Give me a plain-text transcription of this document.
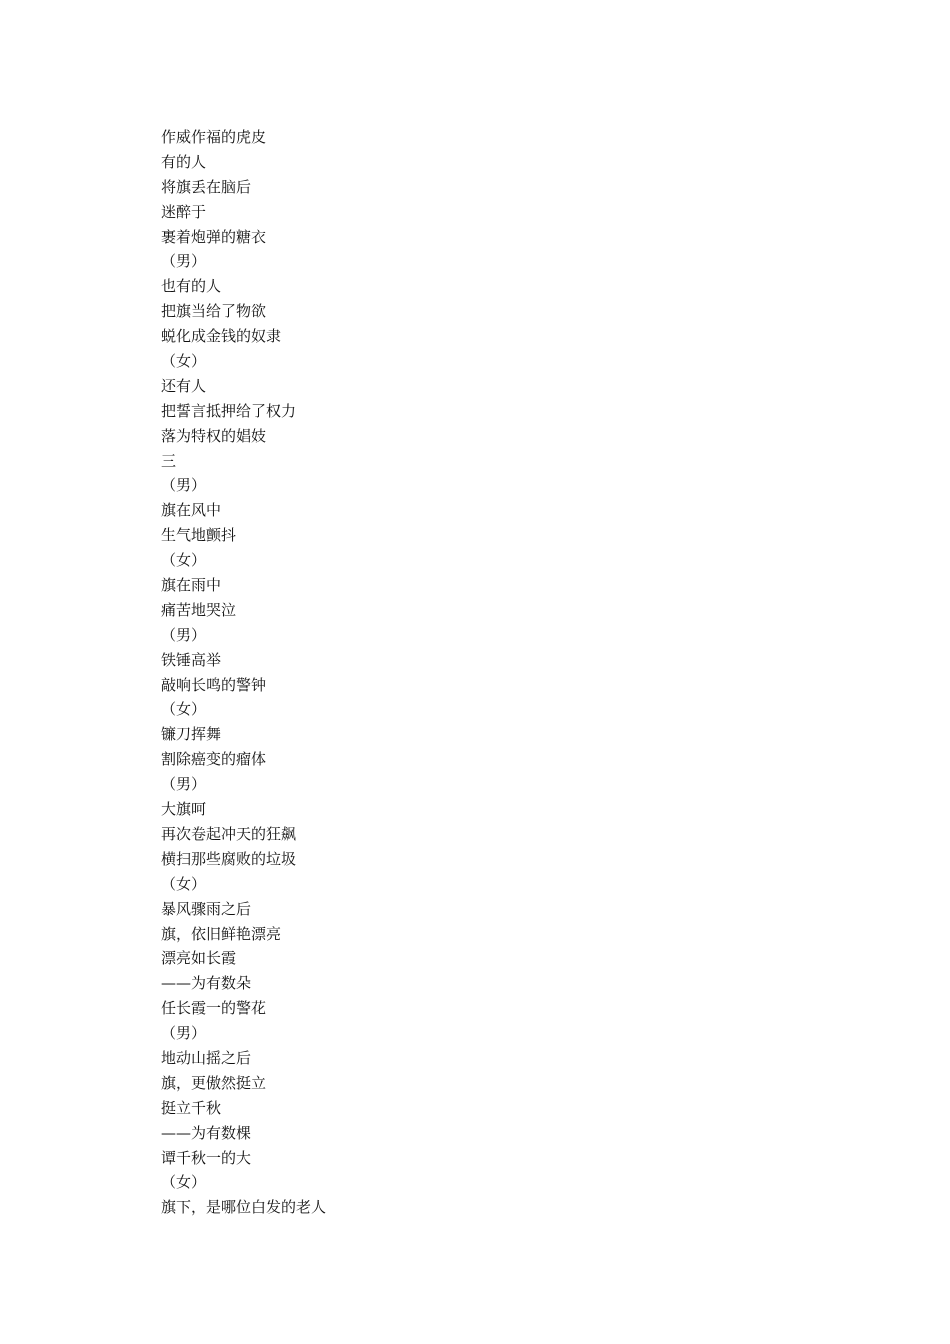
作威作福的虎皮
有的人
将旗丢在脑后
迷醉于
裹着炮弹的糖衣
（男）
也有的人
把旗当给了物欲
蜕化成金钱的奴隶
（女）
还有人
把誓言抵押给了权力
落为特权的娼妓
三
（男）
旗在风中
生气地颤抖
（女）
旗在雨中
痛苦地哭泣
（男）
铁锤高举
敲响长鸣的警钟
（女）
镰刀挥舞
割除癌变的瘤体
（男）
大旗呵
再次卷起冲天的狂飙
横扫那些腐败的垃圾
（女）
暴风骤雨之后
旗，依旧鲜艳漂亮
漂亮如长霞
——为有数朵
任长霞一的警花
（男）
地动山摇之后
旗，更傲然挺立
挺立千秋
——为有数棵
谭千秋一的大
（女）
旗下，是哪位白发的老人
